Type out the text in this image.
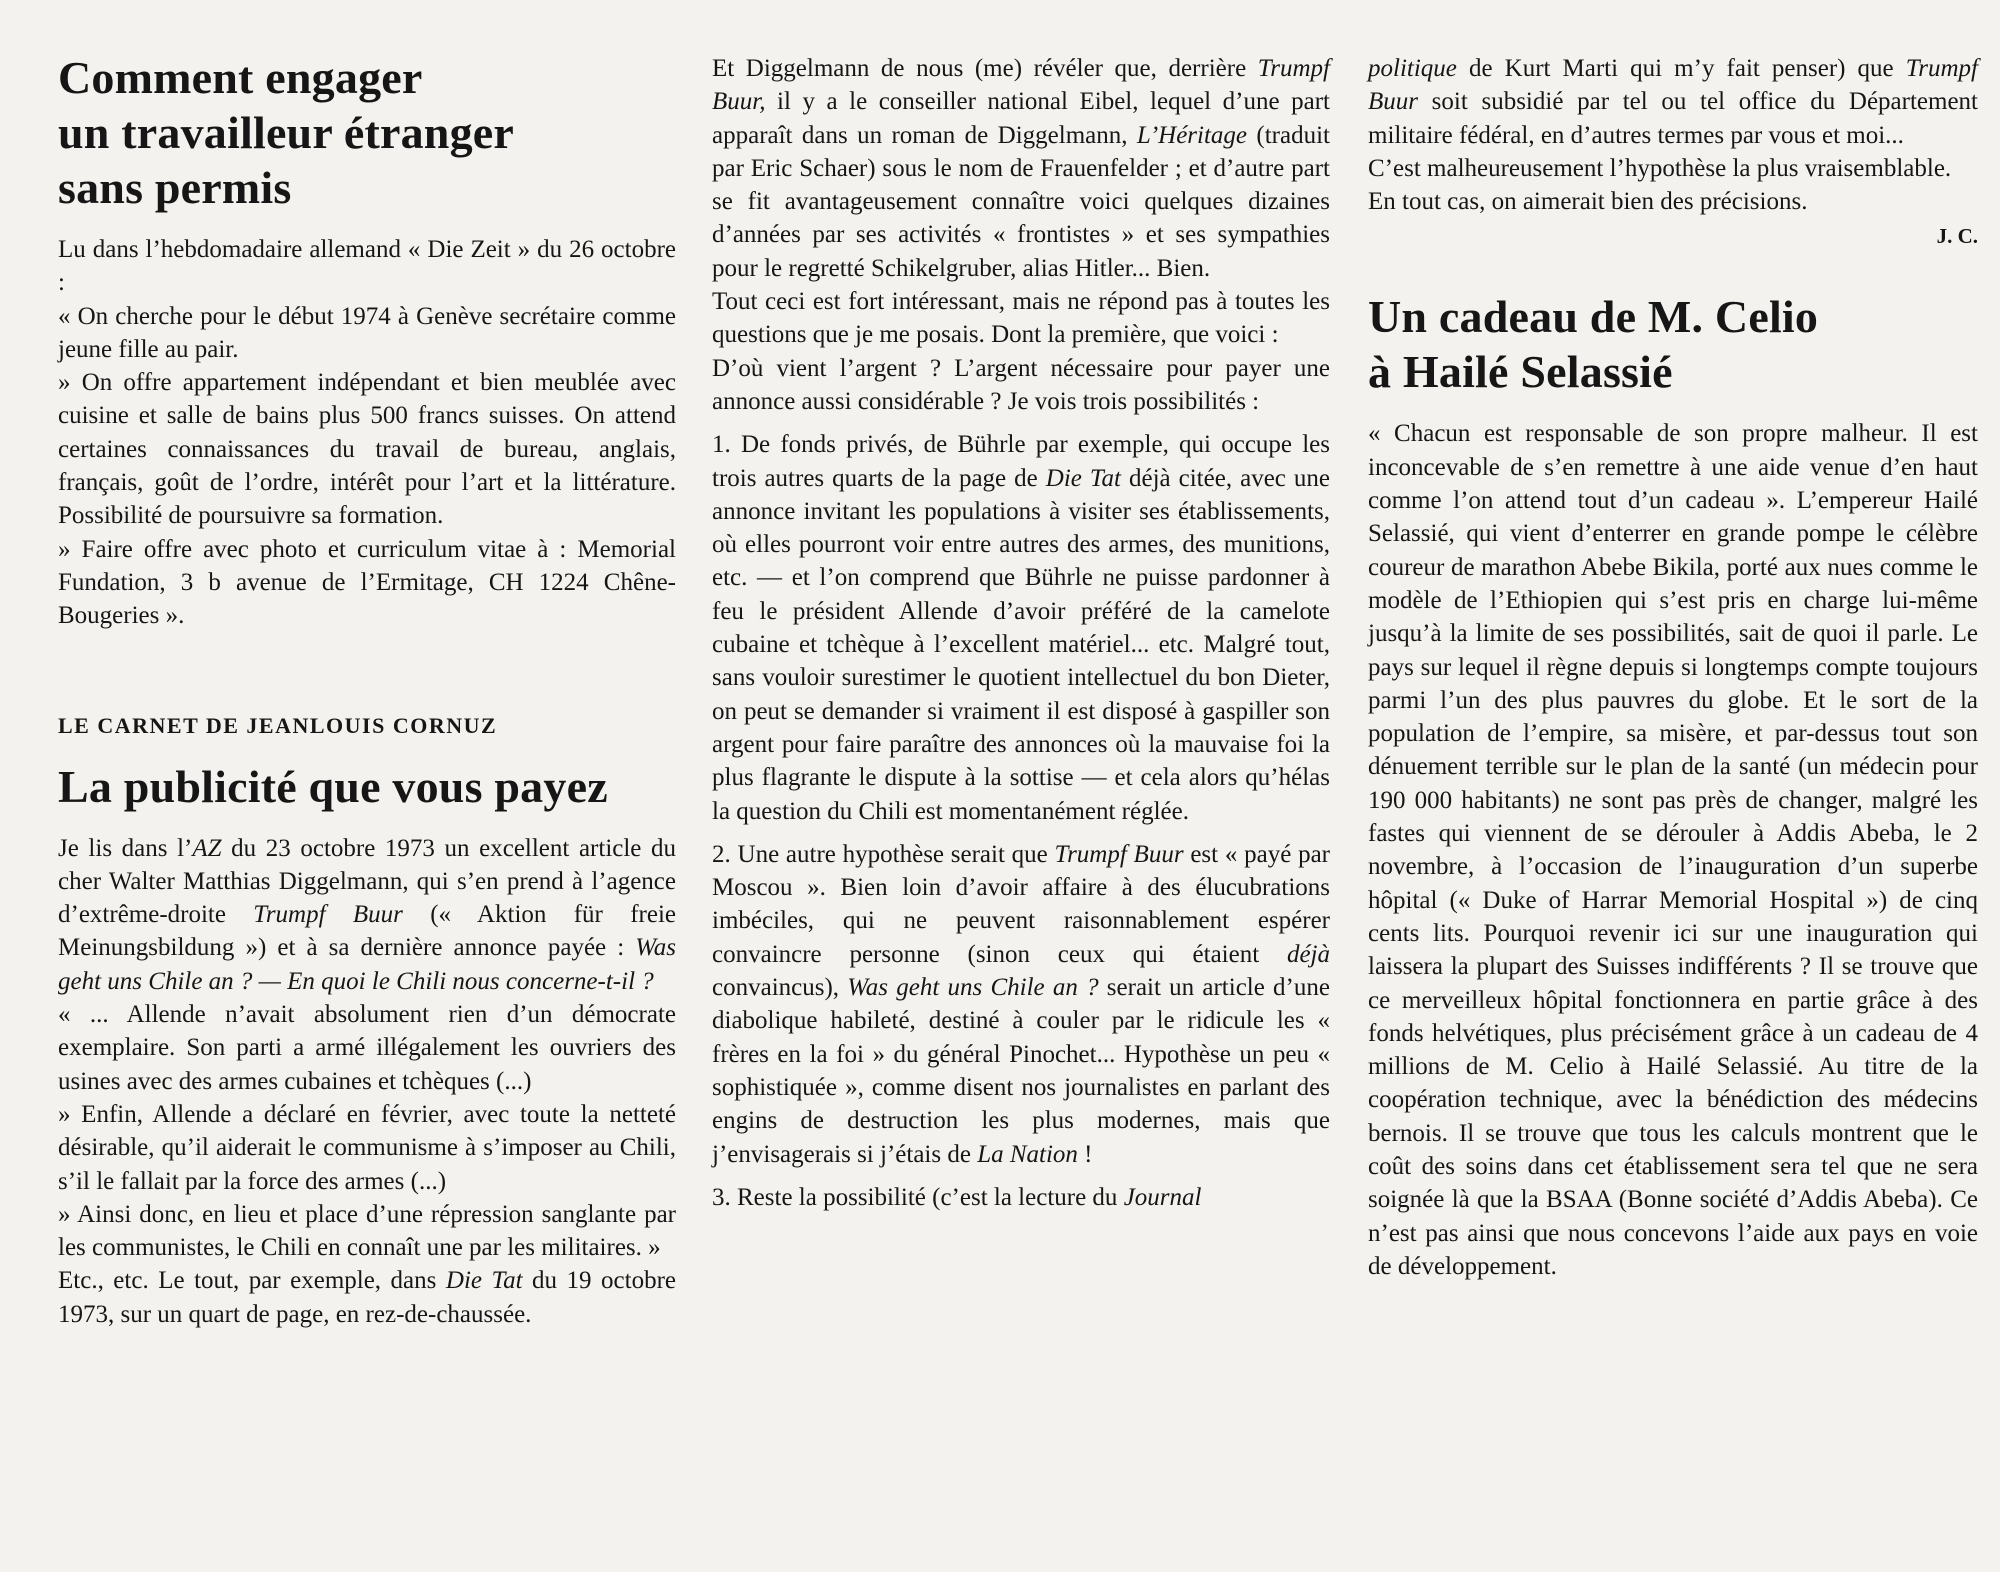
Comment engager
un travailleur étranger
sans permis

Lu dans l’hebdomadaire allemand « Die Zeit » du 26 octobre :

« On cherche pour le début 1974 à Genève secrétaire comme jeune fille au pair.

» On offre appartement indépendant et bien meublée avec cuisine et salle de bains plus 500 francs suisses. On attend certaines connaissances du travail de bureau, anglais, français, goût de l’ordre, intérêt pour l’art et la littérature. Possibilité de poursuivre sa formation.

» Faire offre avec photo et curriculum vitae à : Memorial Fundation, 3 b avenue de l’Ermitage, CH 1224 Chêne-Bougeries ».

LE CARNET DE JEANLOUIS CORNUZ
La publicité que vous payez

Je lis dans l’AZ du 23 octobre 1973 un excellent article du cher Walter Matthias Diggelmann, qui s’en prend à l’agence d’extrême-droite Trumpf Buur (« Aktion für freie Meinungsbildung ») et à sa dernière annonce payée : Was geht uns Chile an ? — En quoi le Chili nous concerne-t-il ?

« ... Allende n’avait absolument rien d’un démocrate exemplaire. Son parti a armé illégalement les ouvriers des usines avec des armes cubaines et tchèques (...)

» Enfin, Allende a déclaré en février, avec toute la netteté désirable, qu’il aiderait le communisme à s’imposer au Chili, s’il le fallait par la force des armes (...)

» Ainsi donc, en lieu et place d’une répression sanglante par les communistes, le Chili en connaît une par les militaires. »

Etc., etc. Le tout, par exemple, dans Die Tat du 19 octobre 1973, sur un quart de page, en rez-de-chaussée.

Et Diggelmann de nous (me) révéler que, derrière Trumpf Buur, il y a le conseiller national Eibel, lequel d’une part apparaît dans un roman de Diggelmann, L’Héritage (traduit par Eric Schaer) sous le nom de Frauenfelder ; et d’autre part se fit avantageusement connaître voici quelques dizaines d’années par ses activités « frontistes » et ses sympathies pour le regretté Schikelgruber, alias Hitler... Bien.

Tout ceci est fort intéressant, mais ne répond pas à toutes les questions que je me posais. Dont la première, que voici :

D’où vient l’argent ? L’argent nécessaire pour payer une annonce aussi considérable ? Je vois trois possibilités :

1. De fonds privés, de Bührle par exemple, qui occupe les trois autres quarts de la page de Die Tat déjà citée, avec une annonce invitant les populations à visiter ses établissements, où elles pourront voir entre autres des armes, des munitions, etc. — et l’on comprend que Bührle ne puisse pardonner à feu le président Allende d’avoir préféré de la camelote cubaine et tchèque à l’excellent matériel... etc. Malgré tout, sans vouloir surestimer le quotient intellectuel du bon Dieter, on peut se demander si vraiment il est disposé à gaspiller son argent pour faire paraître des annonces où la mauvaise foi la plus flagrante le dispute à la sottise — et cela alors qu’hélas la question du Chili est momentanément réglée.

2. Une autre hypothèse serait que Trumpf Buur est « payé par Moscou ». Bien loin d’avoir affaire à des élucubrations imbéciles, qui ne peuvent raisonnablement espérer convaincre personne (sinon ceux qui étaient déjà convaincus), Was geht uns Chile an ? serait un article d’une diabolique habileté, destiné à couler par le ridicule les « frères en la foi » du général Pinochet... Hypothèse un peu « sophistiquée », comme disent nos journalistes en parlant des engins de destruction les plus modernes, mais que j’envisagerais si j’étais de La Nation !

3. Reste la possibilité (c’est la lecture du Journal

politique de Kurt Marti qui m’y fait penser) que Trumpf Buur soit subsidié par tel ou tel office du Département militaire fédéral, en d’autres termes par vous et moi...

C’est malheureusement l’hypothèse la plus vraisemblable.

En tout cas, on aimerait bien des précisions.

J. C.
Un cadeau de M. Celio
à Hailé Selassié

« Chacun est responsable de son propre malheur. Il est inconcevable de s’en remettre à une aide venue d’en haut comme l’on attend tout d’un cadeau ». L’empereur Hailé Selassié, qui vient d’enterrer en grande pompe le célèbre coureur de marathon Abebe Bikila, porté aux nues comme le modèle de l’Ethiopien qui s’est pris en charge lui-même jusqu’à la limite de ses possibilités, sait de quoi il parle. Le pays sur lequel il règne depuis si longtemps compte toujours parmi l’un des plus pauvres du globe. Et le sort de la population de l’empire, sa misère, et par-dessus tout son dénuement terrible sur le plan de la santé (un médecin pour 190 000 habitants) ne sont pas près de changer, malgré les fastes qui viennent de se dérouler à Addis Abeba, le 2 novembre, à l’occasion de l’inauguration d’un superbe hôpital (« Duke of Harrar Memorial Hospital ») de cinq cents lits. Pourquoi revenir ici sur une inauguration qui laissera la plupart des Suisses indifférents ? Il se trouve que ce merveilleux hôpital fonctionnera en partie grâce à des fonds helvétiques, plus précisément grâce à un cadeau de 4 millions de M. Celio à Hailé Selassié. Au titre de la coopération technique, avec la bénédiction des médecins bernois. Il se trouve que tous les calculs montrent que le coût des soins dans cet établissement sera tel que ne sera soignée là que la BSAA (Bonne société d’Addis Abeba). Ce n’est pas ainsi que nous concevons l’aide aux pays en voie de développement.
